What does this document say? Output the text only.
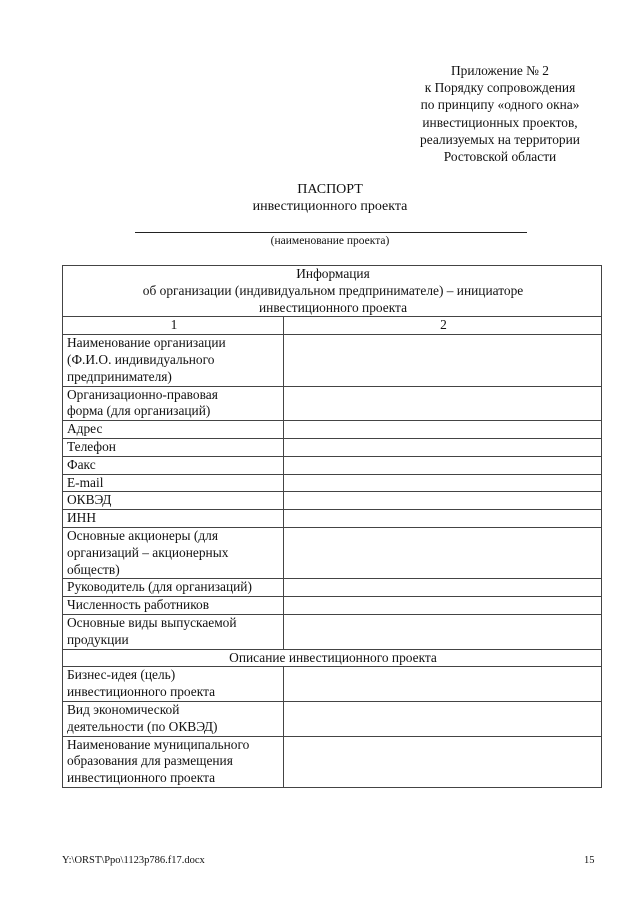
Приложение № 2
к Порядку сопровождения
по принципу «одного окна»
инвестиционных проектов,
реализуемых на территории
Ростовской области
ПАСПОРТ
инвестиционного проекта
(наименование проекта)
Информация
об организации (индивидуальном предпринимателе) – инициаторе
инвестиционного проекта	

1	2

Наименование организации
(Ф.И.О. индивидуального
предпринимателя)	

Организационно-правовая
форма (для организаций)	

Адрес	

Телефон	

Факс	

E-mail	

ОКВЭД	

ИНН	

Основные акционеры (для
организаций – акционерных
обществ)	

Руководитель (для организаций)	

Численность работников	

Основные виды выпускаемой
продукции	

Описание инвестиционного проекта	

Бизнес-идея (цель)
инвестиционного проекта	

Вид экономической
деятельности (по ОКВЭД)	

Наименование муниципального
образования для размещения
инвестиционного проекта	

Y:\ORST\Ppo\1123p786.f17.docx	15
